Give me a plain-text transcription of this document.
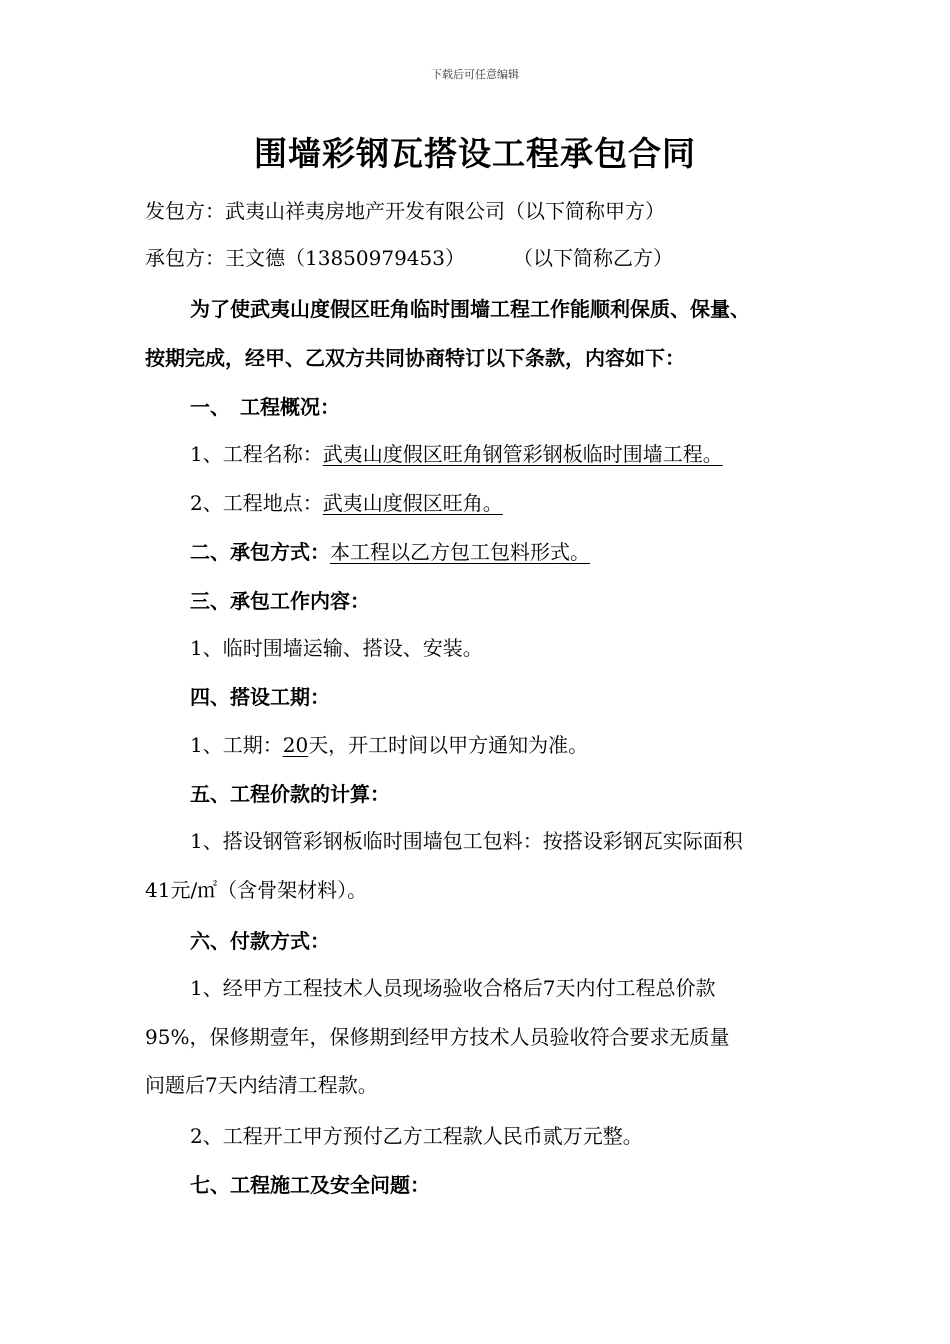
下载后可任意编辑
围墙彩钢瓦搭设工程承包合同
发包方：武夷山祥夷房地产开发有限公司（以下简称甲方）
承包方：王文德（13850979453） （以下简称乙方）
为了使武夷山度假区旺角临时围墙工程工作能顺利保质、保量、
按期完成，经甲、乙双方共同协商特订以下条款，内容如下：
一、　工程概况：
1、工程名称：武夷山度假区旺角钢管彩钢板临时围墙工程。
2、工程地点：武夷山度假区旺角。
二、承包方式：本工程以乙方包工包料形式。
三、承包工作内容：
1、临时围墙运输、搭设、安装。
四、搭设工期：
1、工期：20天，开工时间以甲方通知为准。
五、工程价款的计算：
1、搭设钢管彩钢板临时围墙包工包料：按搭设彩钢瓦实际面积
41元/㎡（含骨架材料）。
六、付款方式：
1、经甲方工程技术人员现场验收合格后7天内付工程总价款
95%，保修期壹年，保修期到经甲方技术人员验收符合要求无质量
问题后7天内结清工程款。
2、工程开工甲方预付乙方工程款人民币贰万元整。
七、工程施工及安全问题：
